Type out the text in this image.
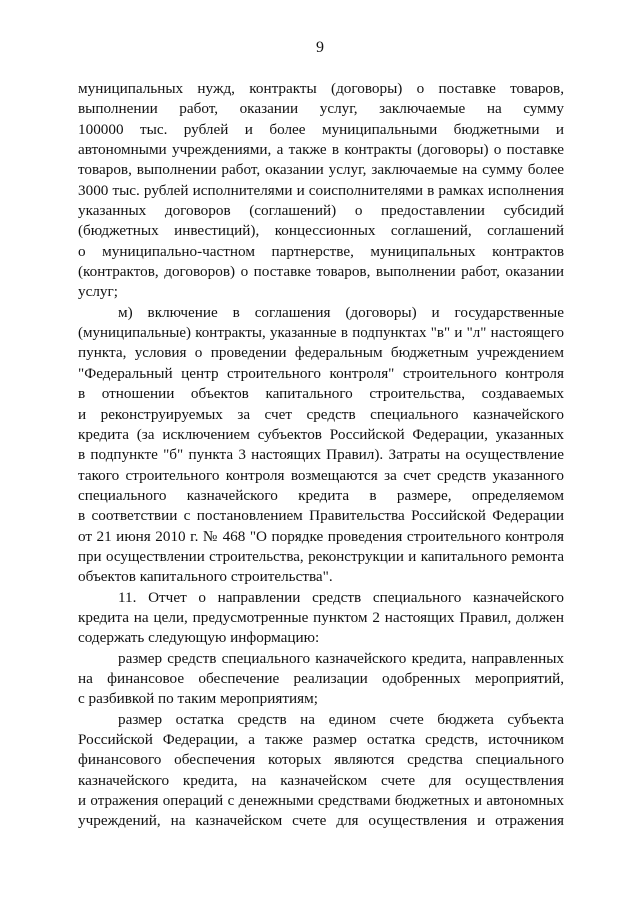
9
муниципальных нужд, контракты (договоры) о поставке товаров,
выполнении работ, оказании услуг, заключаемые на сумму
100000 тыс. рублей и более муниципальными бюджетными и
автономными учреждениями, а также в контракты (договоры) о поставке
товаров, выполнении работ, оказании услуг, заключаемые на сумму более
3000 тыс. рублей исполнителями и соисполнителями в рамках исполнения
указанных договоров (соглашений) о предоставлении субсидий
(бюджетных инвестиций), концессионных соглашений, соглашений
о муниципально-частном партнерстве, муниципальных контрактов
(контрактов, договоров) о поставке товаров, выполнении работ, оказании
услуг;
м) включение в соглашения (договоры) и государственные
(муниципальные) контракты, указанные в подпунктах "в" и "л" настоящего
пункта, условия о проведении федеральным бюджетным учреждением
"Федеральный центр строительного контроля" строительного контроля
в отношении объектов капитального строительства, создаваемых
и реконструируемых за счет средств специального казначейского
кредита (за исключением субъектов Российской Федерации, указанных
в подпункте "б" пункта 3 настоящих Правил). Затраты на осуществление
такого строительного контроля возмещаются за счет средств указанного
специального казначейского кредита в размере, определяемом
в соответствии с постановлением Правительства Российской Федерации
от 21 июня 2010 г. № 468 "О порядке проведения строительного контроля
при осуществлении строительства, реконструкции и капитального ремонта
объектов капитального строительства".
11. Отчет о направлении средств специального казначейского
кредита на цели, предусмотренные пунктом 2 настоящих Правил, должен
содержать следующую информацию:
размер средств специального казначейского кредита, направленных
на финансовое обеспечение реализации одобренных мероприятий,
с разбивкой по таким мероприятиям;
размер остатка средств на едином счете бюджета субъекта
Российской Федерации, а также размер остатка средств, источником
финансового обеспечения которых являются средства специального
казначейского кредита, на казначейском счете для осуществления
и отражения операций с денежными средствами бюджетных и автономных
учреждений, на казначейском счете для осуществления и отражения
